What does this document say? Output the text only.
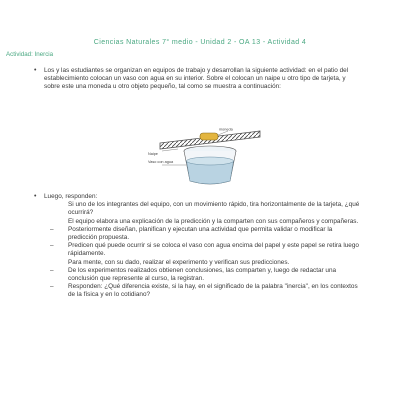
Ciencias Naturales 7° medio - Unidad 2 - OA 13 - Actividad 4
Actividad: Inercia
• Los y las estudiantes se organizan en equipos de trabajo y desarrollan la siguiente actividad: en el patio del establecimiento colocan un vaso con agua en su interior. Sobre el colocan un naipe u otro tipo de tarjeta, y sobre este una moneda u otro objeto pequeño, tal como se muestra a continuación:

moneda
Naipe
Vaso con agua
• Luego, responden:

Si uno de los integrantes del equipo, con un movimiento rápido, tira horizontalmente de la tarjeta, ¿qué ocurrirá?

El equipo elabora una explicación de la predicción y la comparten con sus compañeros y compañeras.

– Posteriormente diseñan, planifican y ejecutan una actividad que permita validar o modificar la predicción propuesta.

– Predicen qué puede ocurrir si se coloca el vaso con agua encima del papel y este papel se retira luego rápidamente.

Para mente, con su dado, realizar el experimento y verifican sus predicciones.

– De los experimentos realizados obtienen conclusiones, las comparten y, luego de redactar una conclusión que represente al curso, la registran.

– Responden: ¿Qué diferencia existe, si la hay, en el significado de la palabra "inercia", en los contextos de la física y en lo cotidiano?
